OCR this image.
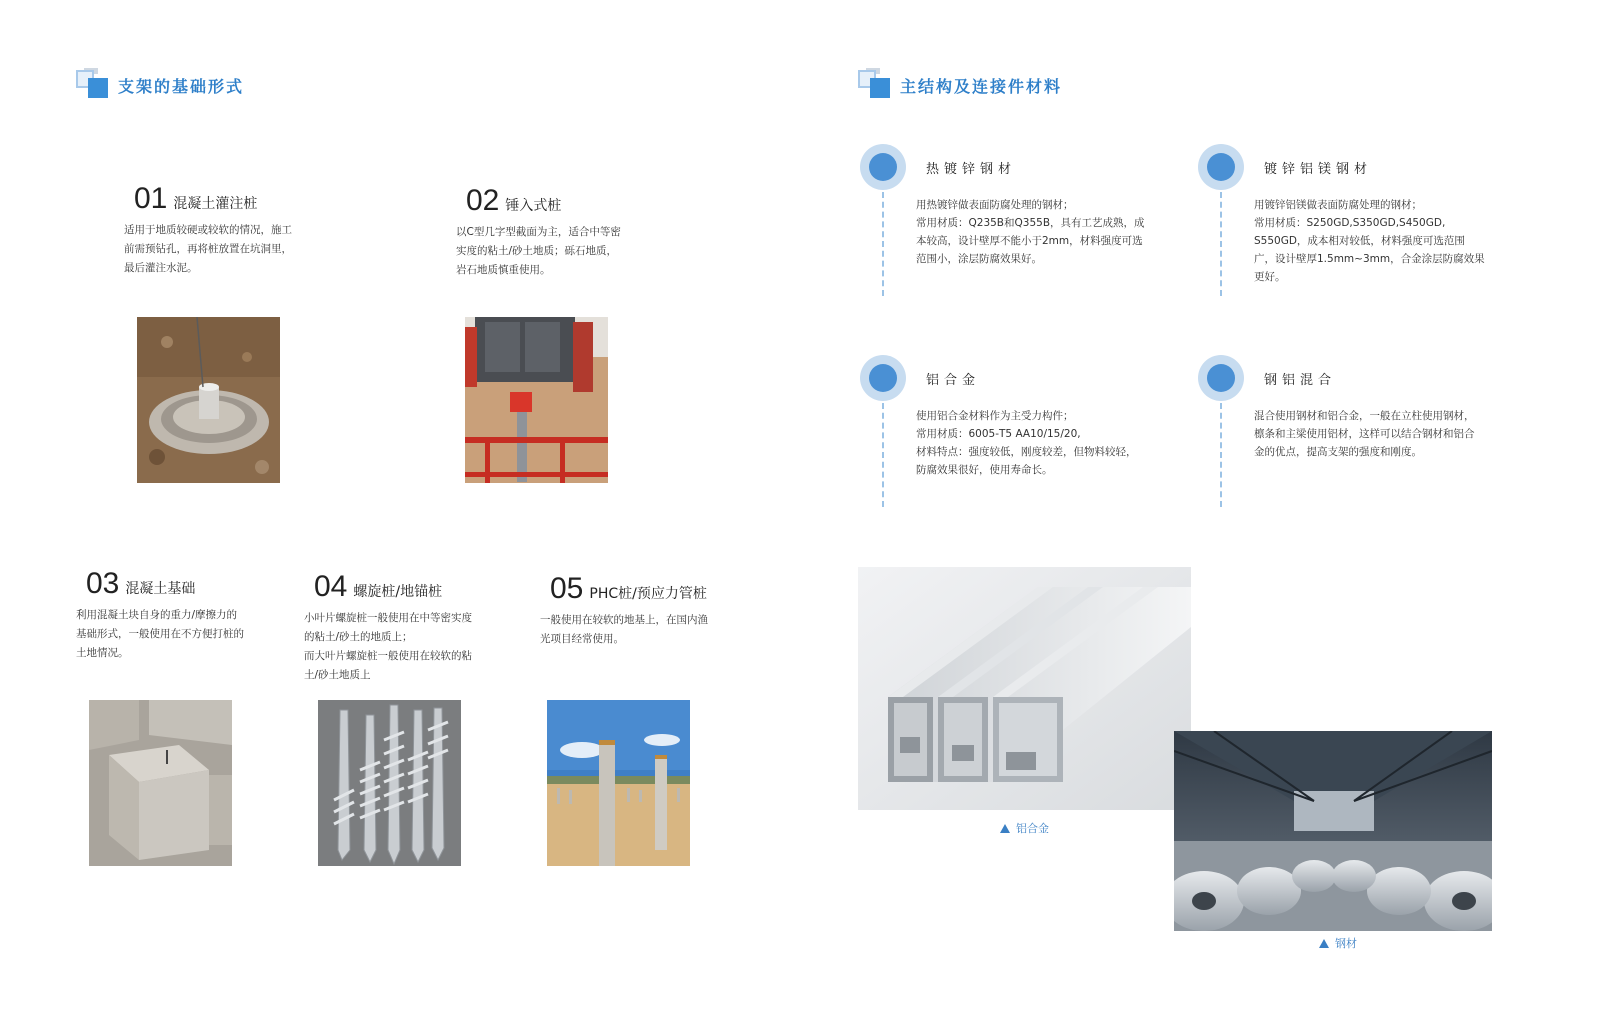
支架的基础形式	主结构及连接件材料
01 混凝土灌注桩
适用于地质较硬或较软的情况，施工
前需预钻孔，再将桩放置在坑洞里，
最后灌注水泥。
02 锤入式桩
以C型几字型截面为主，适合中等密
实度的粘土/砂土地质；砾石地质，
岩石地质慎重使用。
03 混凝土基础
利用混凝土块自身的重力/摩擦力的
基础形式，一般使用在不方便打桩的
土地情况。
04 螺旋桩/地锚桩
小叶片螺旋桩一般使用在中等密实度
的粘土/砂土的地质上；
而大叶片螺旋桩一般使用在较软的粘
土/砂土地质上
05 PHC桩/预应力管桩
一般使用在较软的地基上，在国内渔
光项目经常使用。
热镀锌钢材
用热镀锌做表面防腐处理的钢材；
常用材质：Q235B和Q355B，具有工艺成熟，成
本较高，设计壁厚不能小于2mm，材料强度可选
范围小，涂层防腐效果好。
镀锌铝镁钢材
用镀锌铝镁做表面防腐处理的钢材；
常用材质：S250GD,S350GD,S450GD,
S550GD，成本相对较低，材料强度可选范围
广，设计壁厚1.5mm~3mm，合金涂层防腐效果
更好。
铝合金
使用铝合金材料作为主受力构件；
常用材质：6005-T5 AA10/15/20,
材料特点：强度较低，刚度较差，但物料较轻，
防腐效果很好，使用寿命长。
钢铝混合
混合使用钢材和铝合金，一般在立柱使用钢材，
檩条和主梁使用铝材，这样可以结合钢材和铝合
金的优点，提高支架的强度和刚度。
铝合金
钢材
